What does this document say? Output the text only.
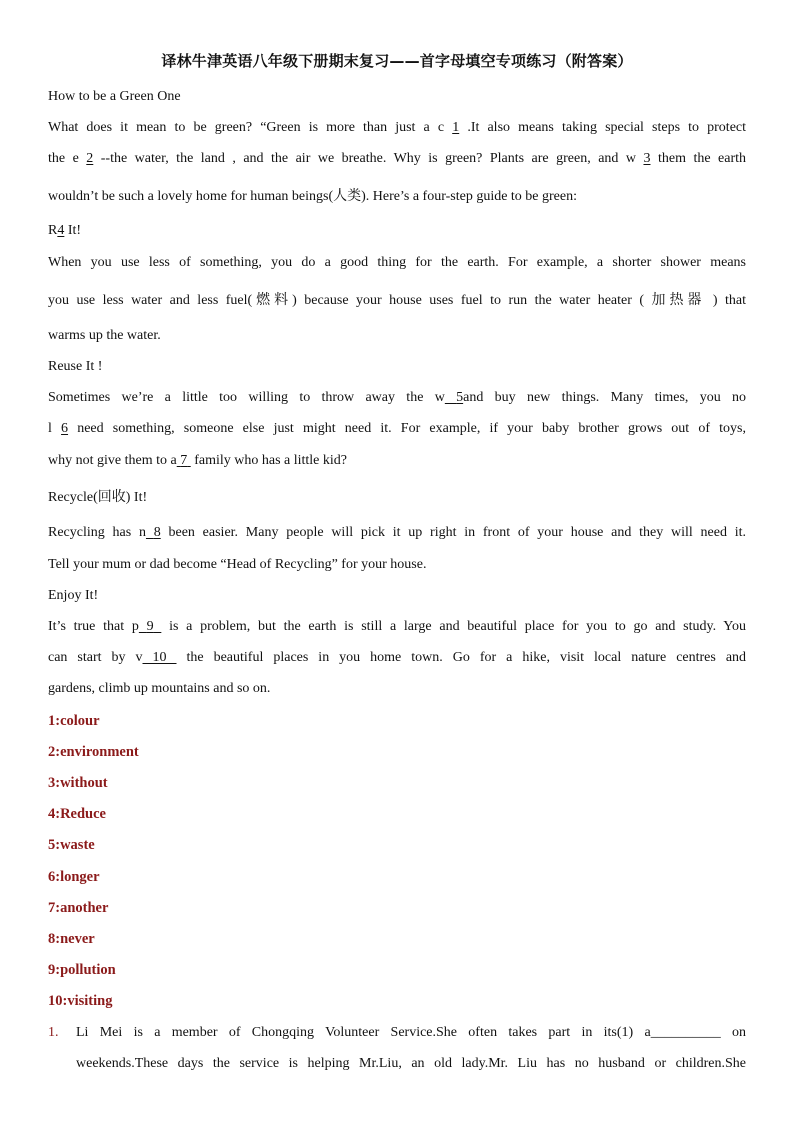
译林牛津英语八年级下册期末复习——首字母填空专项练习（附答案）
How to be a Green One
What does it mean to be green? “Green is more than just a c 1 .It also means taking special steps to protect
the e 2 --the water, the land , and the air we breathe. Why is green? Plants are green, and w 3 them the earth
wouldn’t be such a lovely home for human beings(人类). Here’s a four-step guide to be green:
R4 It!
When you use less of something, you do a good thing for the earth. For example, a shorter shower means
you use less water and less fuel(燃料) because your house uses fuel to run the water heater ( 加热器 ) that
warms up the water.
Reuse It !
Sometimes we’re a little too willing to throw away the w 5and buy new things. Many times, you no
l 6 need something, someone else just might need it. For example, if your baby brother grows out of toys,
why not give them to a 7 family who has a little kid?
Recycle(回收) It!
Recycling has n 8 been easier. Many people will pick it up right in front of your house and they will need it.
Tell your mum or dad become “Head of Recycling” for your house.
Enjoy It!
It’s true that p 9 is a problem, but the earth is still a large and beautiful place for you to go and study. You
can start by v 10 the beautiful places in you home town. Go for a hike, visit local nature centres and
gardens, climb up mountains and so on.
1:colour
2:environment
3:without
4:Reduce
5:waste
6:longer
7:another
8:never
9:pollution
10:visiting
1. Li Mei is a member of Chongqing Volunteer Service.She often takes part in its(1) a__________ on
weekends.These days the service is helping Mr.Liu, an old lady.Mr. Liu has no husband or children.She
